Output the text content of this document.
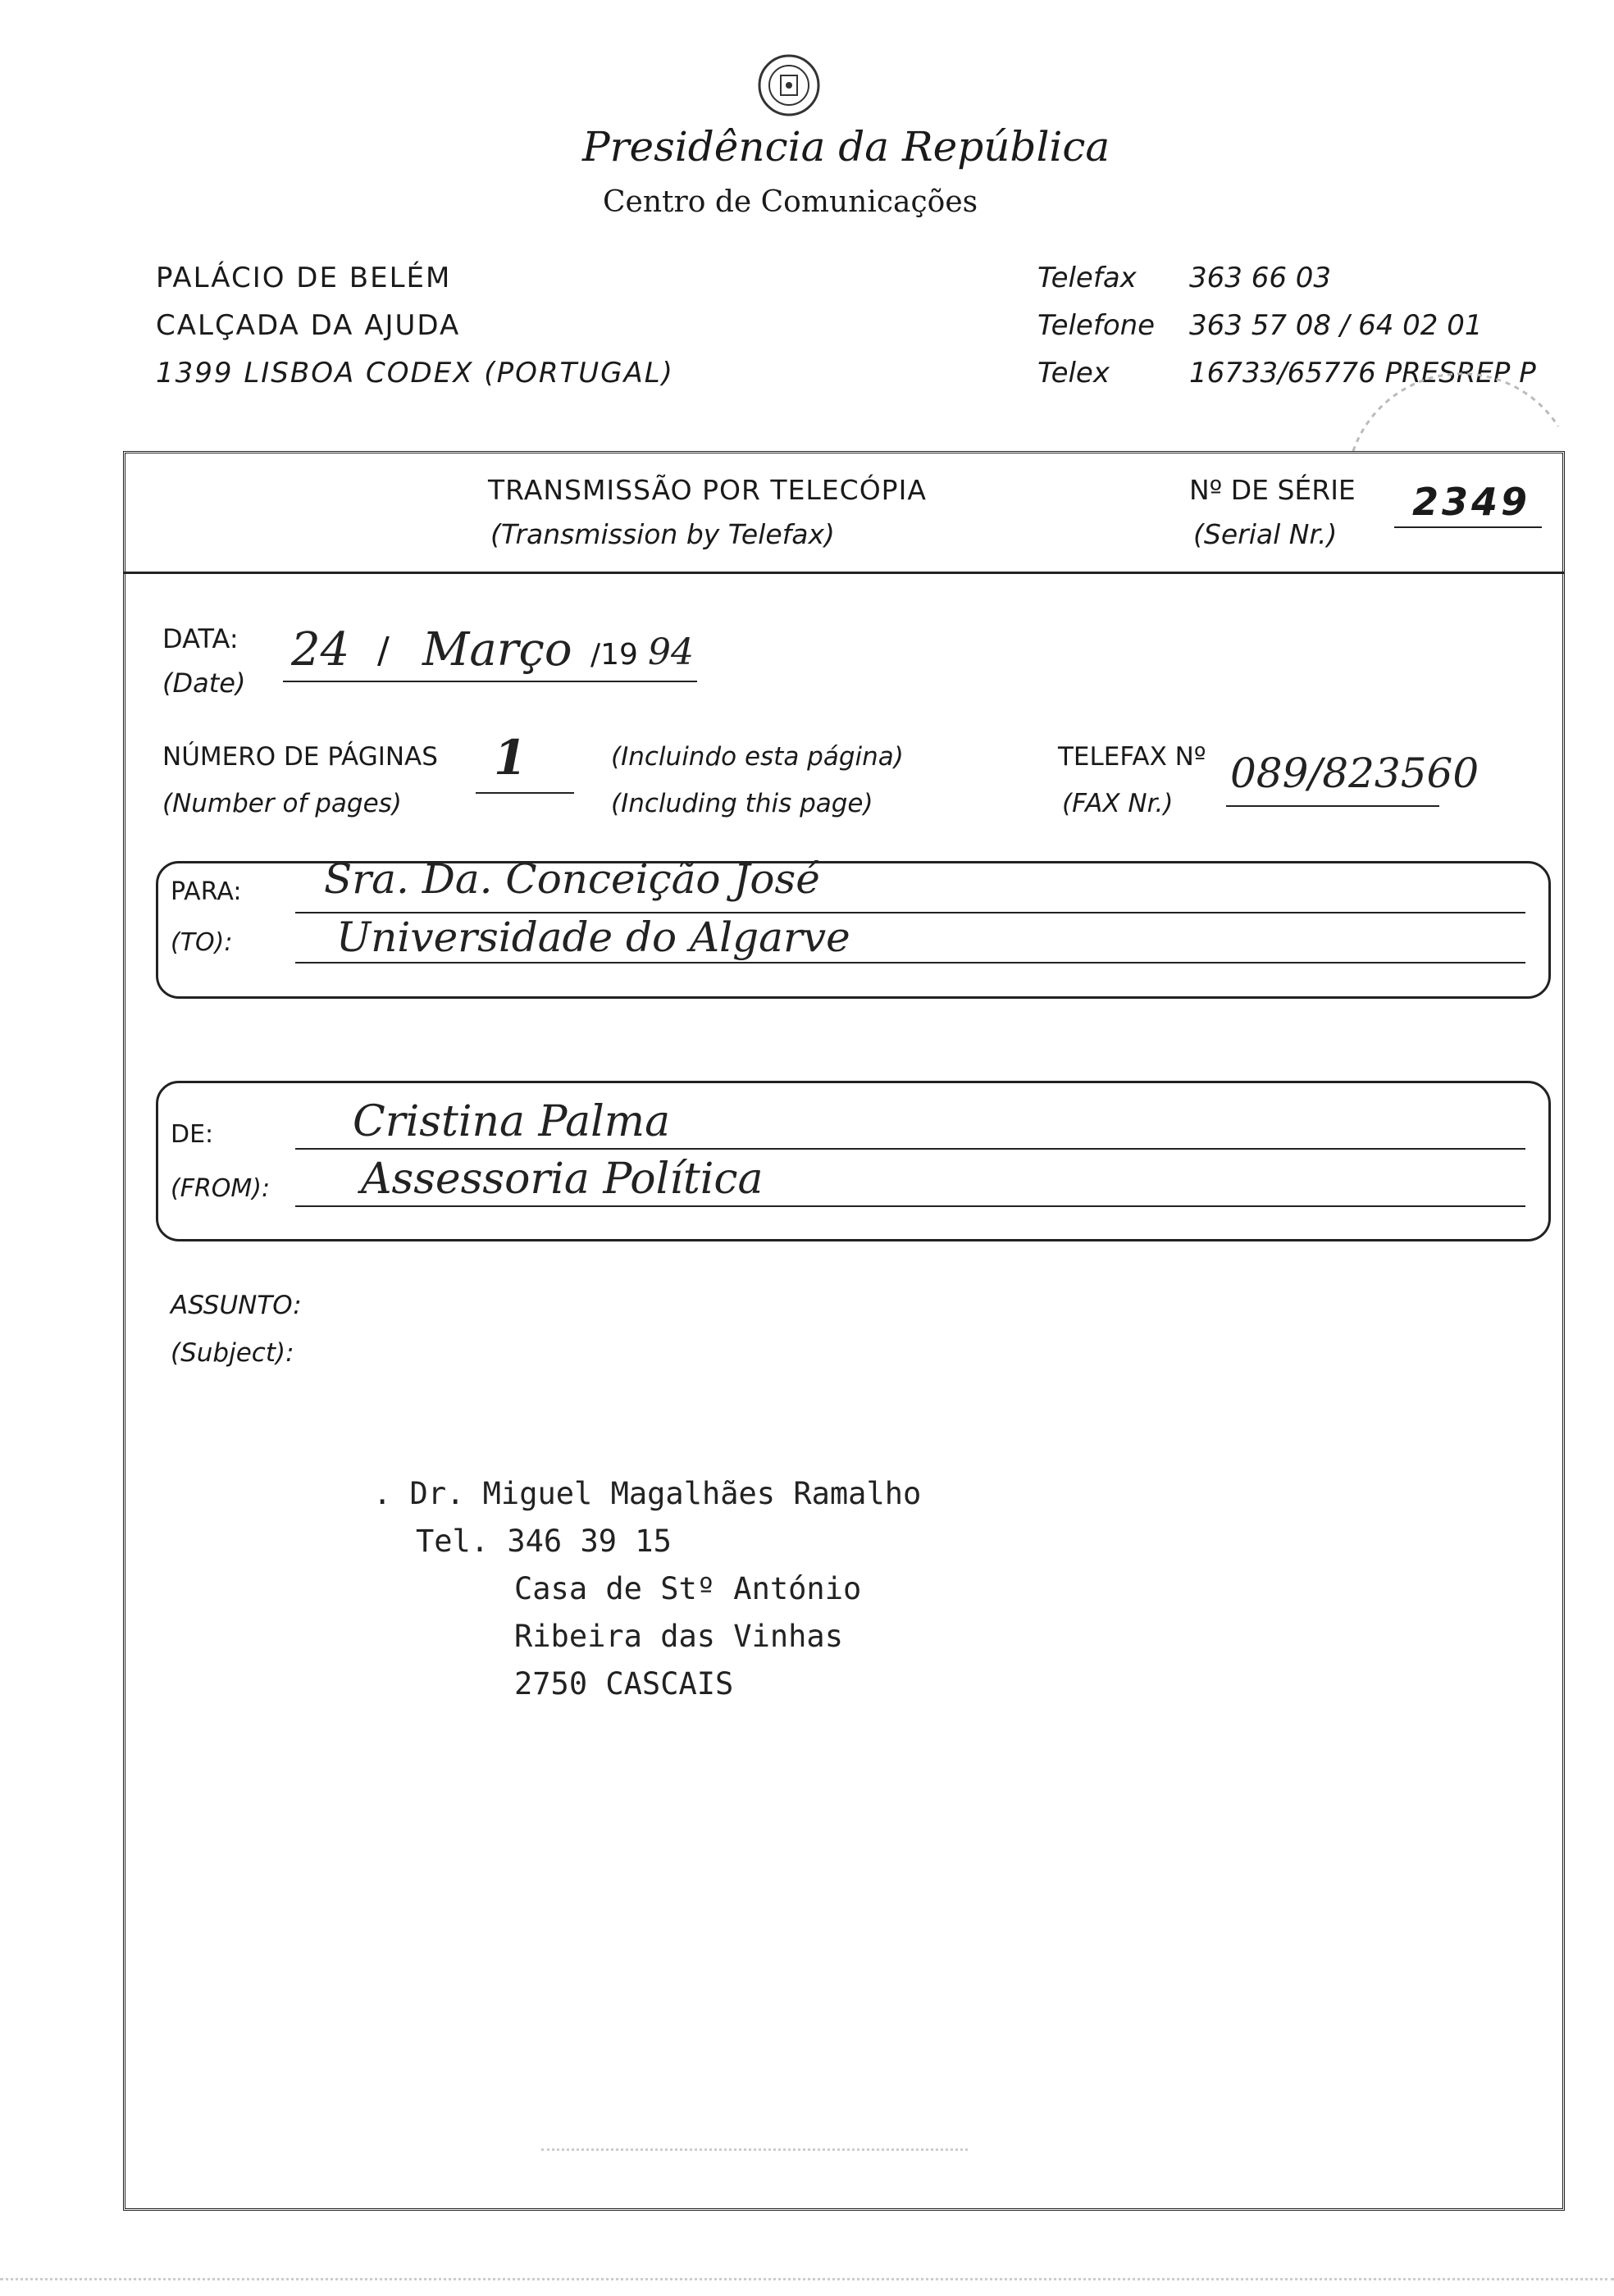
Presidência da República
Centro de Comunicações
PALÁCIO DE BELÉM
CALÇADA DA AJUDA
1399 LISBOA CODEX (PORTUGAL)
Telefax 363 66 03
Telefone 363 57 08 / 64 02 01
Telex	16733/65776 PRESREP P
TRANSMISSÃO POR TELECÓPIA
(Transmission by Telefax)
Nº DE SÉRIE
(Serial Nr.)
2349
DATA:
(Date)
24 / Março /19 94
NÚMERO DE PÁGINAS
(Number of pages)
1	(Incluindo esta página)
(Including this page)
TELEFAX Nº
(FAX Nr.)
089/823560
PARA:
(TO):
Sra. Da. Conceição José
Universidade do Algarve
DE:
(FROM):
Cristina Palma
Assessoria Política
ASSUNTO:
(Subject):
. Dr. Miguel Magalhães Ramalho
Tel. 346 39 15
Casa de Stº António
Ribeira das Vinhas
2750 CASCAIS
